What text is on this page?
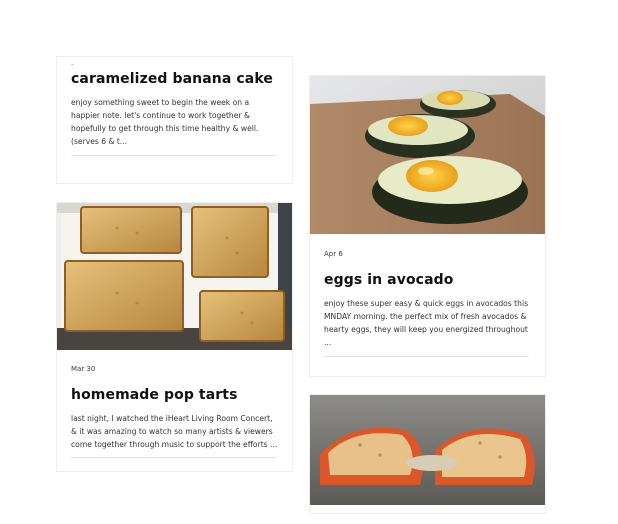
·

caramelized banana cake

enjoy something sweet to begin the week on a happier note. let's continue to work together & hopefully to get through this time healthy & well. (serves 6 & t...

Apr 6

eggs in avocado

enjoy these super easy & quick eggs in avocados this MNDAY morning. the perfect mix of fresh avocados & hearty eggs, they will keep you energized throughout ...

Mar 30

homemade pop tarts

last night, I watched the iHeart Living Room Concert, & it was amazing to watch so many artists & viewers come together through music to support the efforts ...
